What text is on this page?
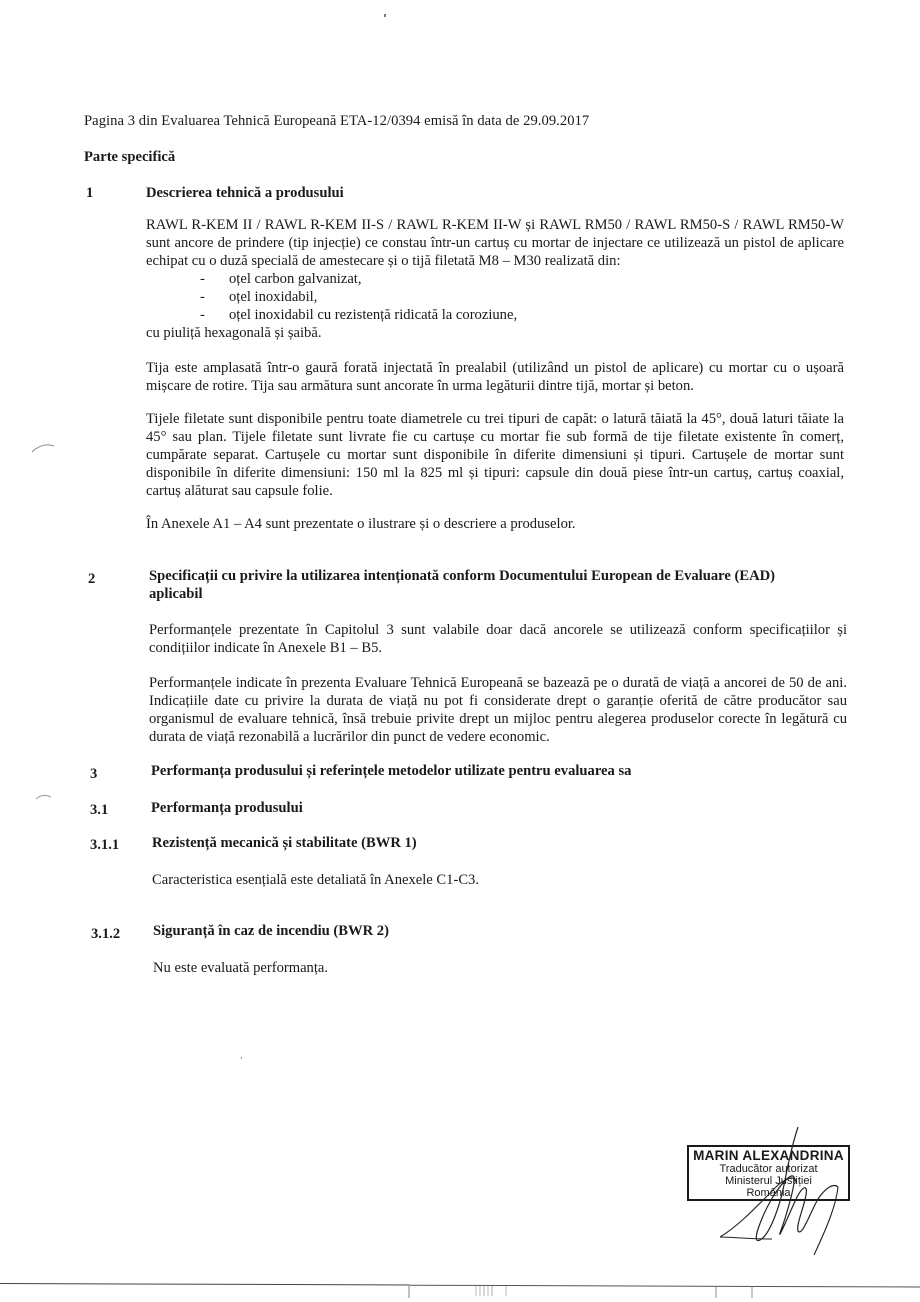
Pagina 3 din Evaluarea Tehnică Europeană ETA-12/0394 emisă în data de 29.09.2017
Parte specifică
1	Descrierea tehnică a produsului
RAWL R-KEM II / RAWL R-KEM II-S / RAWL R-KEM II-W și RAWL RM50 / RAWL RM50-S / RAWL RM50-W sunt ancore de prindere (tip injecție) ce constau într-un cartuș cu mortar de injectare ce utilizează un pistol de aplicare echipat cu o duză specială de amestecare și o tijă filetată M8 – M30 realizată din:
- oțel carbon galvanizat,
- oțel inoxidabil,
- oțel inoxidabil cu rezistență ridicată la coroziune,
cu piuliță hexagonală și șaibă.
Tija este amplasată într-o gaură forată injectată în prealabil (utilizând un pistol de aplicare) cu mortar cu o ușoară mișcare de rotire. Tija sau armătura sunt ancorate în urma legăturii dintre tijă, mortar și beton.
Tijele filetate sunt disponibile pentru toate diametrele cu trei tipuri de capăt: o latură tăiată la 45°, două laturi tăiate la 45° sau plan. Tijele filetate sunt livrate fie cu cartușe cu mortar fie sub formă de tije filetate existente în comerț, cumpărate separat. Cartușele cu mortar sunt disponibile în diferite dimensiuni și tipuri. Cartușele de mortar sunt disponibile în diferite dimensiuni: 150 ml la 825 ml și tipuri: capsule din două piese într-un cartuș, cartuș coaxial, cartuș alăturat sau capsule folie.
În Anexele A1 – A4 sunt prezentate o ilustrare și o descriere a produselor.
2	Specificații cu privire la utilizarea intenționată conform Documentului European de Evaluare (EAD)
aplicabil
Performanțele prezentate în Capitolul 3 sunt valabile doar dacă ancorele se utilizează conform specificațiilor și condițiilor indicate în Anexele B1 – B5.
Performanțele indicate în prezenta Evaluare Tehnică Europeană se bazează pe o durată de viață a ancorei de 50 de ani. Indicațiile date cu privire la durata de viață nu pot fi considerate drept o garanție oferită de către producător sau organismul de evaluare tehnică, însă trebuie privite drept un mijloc pentru alegerea produselor corecte în legătură cu durata de viață rezonabilă a lucrărilor din punct de vedere economic.
3	Performanța produsului și referințele metodelor utilizate pentru evaluarea sa
3.1	Performanța produsului
3.1.1 Rezistență mecanică și stabilitate (BWR 1)
Caracteristica esențială este detaliată în Anexele C1-C3.
3.1.2 Siguranță în caz de incendiu (BWR 2)
Nu este evaluată performanța.
MARIN ALEXANDRINA
Traducător autorizat
Ministerul Justiției
România
